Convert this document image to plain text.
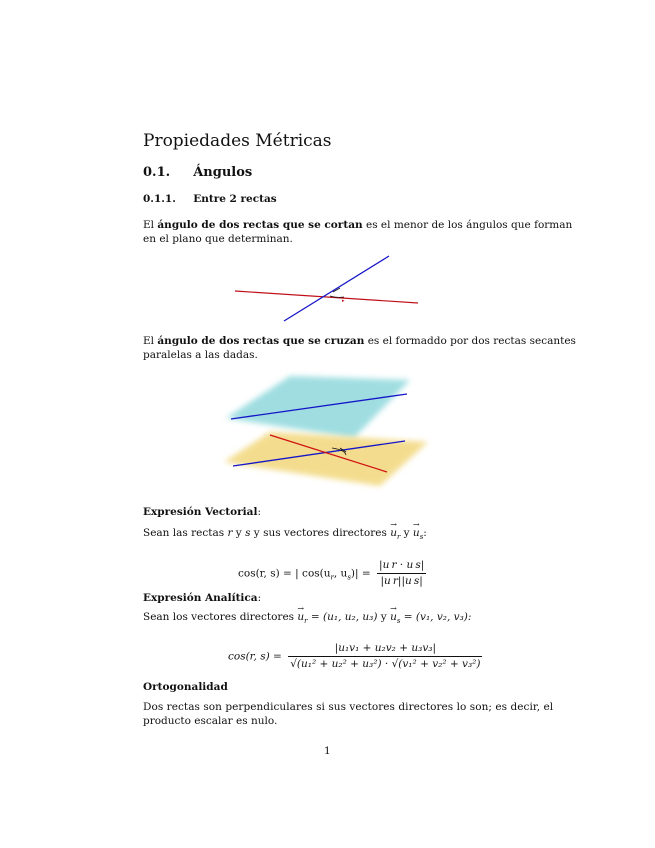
Propiedades Métricas
0.1. Ángulos
0.1.1. Entre 2 rectas
El ángulo de dos rectas que se cortan es el menor de los ángulos que forman
en el plano que determinan.
▸
El ángulo de dos rectas que se cruzan es el formaddo por dos rectas secantes
paralelas a las dadas.
Expresión Vectorial:
Sean las rectas r y s y sus vectores directores → $u_r$ $y \to u_s$:
cos(r, s) = | $\cos(u_r$, $u_s)| = \frac{\text{|u r · u s|}}{\text{|u r||u s|}}$
Expresión Analítica:
Sean los vectores directores → $u_r = (u_1$, u₂, u₃) $y \to u_s = (v_1$, v₂, v₃):
cos(r, $s) = \frac{\text{|u₁v₁ + u₂v₂ + u₃v₃|}}{\text{√(u₁² + u₂² + u₃²) · √(v₁² + v₂² + v₃²)}}$
Ortogonalidad
Dos rectas son perpendiculares si sus vectores directores lo son; es decir, el
producto escalar es nulo.
1
